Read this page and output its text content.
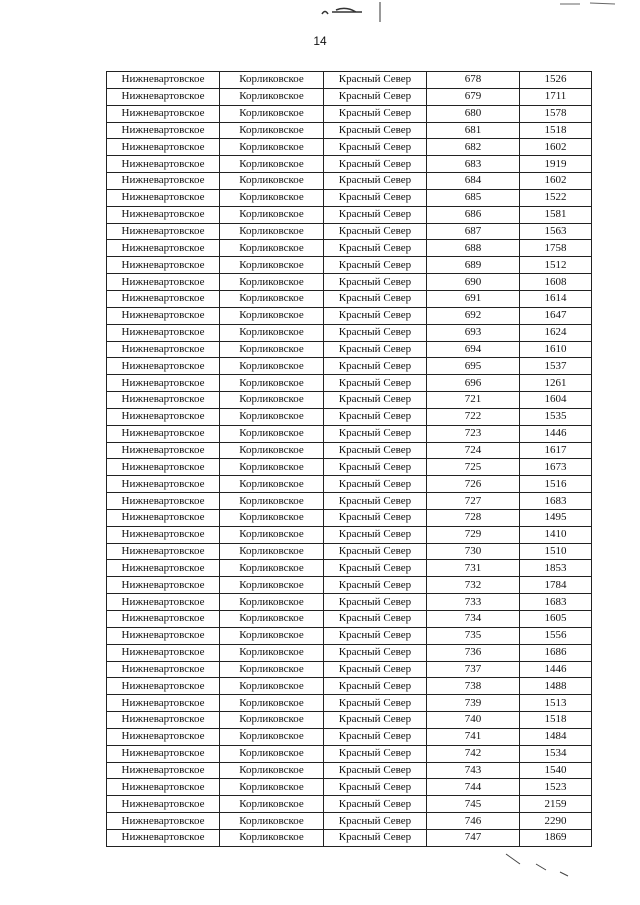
14
Нижневартовское	Корликовское	Красный Север	678	1526
Нижневартовское	Корликовское	Красный Север	679	1711
Нижневартовское	Корликовское	Красный Север	680	1578
Нижневартовское	Корликовское	Красный Север	681	1518
Нижневартовское	Корликовское	Красный Север	682	1602
Нижневартовское	Корликовское	Красный Север	683	1919
Нижневартовское	Корликовское	Красный Север	684	1602
Нижневартовское	Корликовское	Красный Север	685	1522
Нижневартовское	Корликовское	Красный Север	686	1581
Нижневартовское	Корликовское	Красный Север	687	1563
Нижневартовское	Корликовское	Красный Север	688	1758
Нижневартовское	Корликовское	Красный Север	689	1512
Нижневартовское	Корликовское	Красный Север	690	1608
Нижневартовское	Корликовское	Красный Север	691	1614
Нижневартовское	Корликовское	Красный Север	692	1647
Нижневартовское	Корликовское	Красный Север	693	1624
Нижневартовское	Корликовское	Красный Север	694	1610
Нижневартовское	Корликовское	Красный Север	695	1537
Нижневартовское	Корликовское	Красный Север	696	1261
Нижневартовское	Корликовское	Красный Север	721	1604
Нижневартовское	Корликовское	Красный Север	722	1535
Нижневартовское	Корликовское	Красный Север	723	1446
Нижневартовское	Корликовское	Красный Север	724	1617
Нижневартовское	Корликовское	Красный Север	725	1673
Нижневартовское	Корликовское	Красный Север	726	1516
Нижневартовское	Корликовское	Красный Север	727	1683
Нижневартовское	Корликовское	Красный Север	728	1495
Нижневартовское	Корликовское	Красный Север	729	1410
Нижневартовское	Корликовское	Красный Север	730	1510
Нижневартовское	Корликовское	Красный Север	731	1853
Нижневартовское	Корликовское	Красный Север	732	1784
Нижневартовское	Корликовское	Красный Север	733	1683
Нижневартовское	Корликовское	Красный Север	734	1605
Нижневартовское	Корликовское	Красный Север	735	1556
Нижневартовское	Корликовское	Красный Север	736	1686
Нижневартовское	Корликовское	Красный Север	737	1446
Нижневартовское	Корликовское	Красный Север	738	1488
Нижневартовское	Корликовское	Красный Север	739	1513
Нижневартовское	Корликовское	Красный Север	740	1518
Нижневартовское	Корликовское	Красный Север	741	1484
Нижневартовское	Корликовское	Красный Север	742	1534
Нижневартовское	Корликовское	Красный Север	743	1540
Нижневартовское	Корликовское	Красный Север	744	1523
Нижневартовское	Корликовское	Красный Север	745	2159
Нижневартовское	Корликовское	Красный Север	746	2290
Нижневартовское	Корликовское	Красный Север	747	1869
